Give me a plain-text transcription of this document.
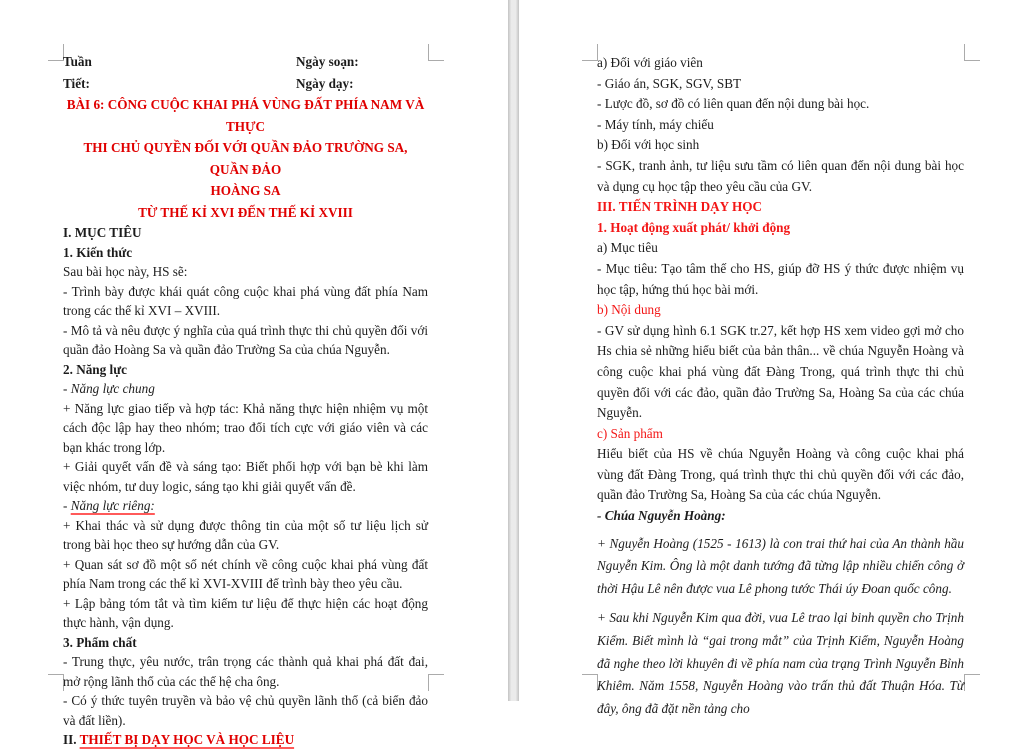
Tuần	Ngày soạn:
Tiết:	Ngày dạy:
BÀI 6: CÔNG CUỘC KHAI PHÁ VÙNG ĐẤT PHÍA NAM VÀ THỰC
THI CHỦ QUYỀN ĐỐI VỚI QUẦN ĐẢO TRƯỜNG SA, QUẦN ĐẢO
HOÀNG SA
TỪ THẾ KỈ XVI ĐẾN THẾ KỈ XVIII

I. MỤC TIÊU

1. Kiến thức

Sau bài học này, HS sẽ:

- Trình bày được khái quát công cuộc khai phá vùng đất phía Nam trong các thế kỉ XVI – XVIII.

- Mô tả và nêu được ý nghĩa của quá trình thực thi chủ quyền đối với quần đảo Hoàng Sa và quần đảo Trường Sa của chúa Nguyễn.

2. Năng lực

- Năng lực chung

+ Năng lực giao tiếp và hợp tác: Khả năng thực hiện nhiệm vụ một cách độc lập hay theo nhóm; trao đổi tích cực với giáo viên và các bạn khác trong lớp.

+ Giải quyết vấn đề và sáng tạo: Biết phối hợp với bạn bè khi làm việc nhóm, tư duy logic, sáng tạo khi giải quyết vấn đề.

- Năng lực riêng:

+ Khai thác và sử dụng được thông tin của một số tư liệu lịch sử trong bài học theo sự hướng dẫn của GV.

+ Quan sát sơ đồ một số nét chính về công cuộc khai phá vùng đất phía Nam trong các thế kỉ XVI-XVIII để trình bày theo yêu cầu.

+ Lập bảng tóm tắt và tìm kiếm tư liệu để thực hiện các hoạt động thực hành, vận dụng.

3. Phẩm chất

- Trung thực, yêu nước, trân trọng các thành quả khai phá đất đai, mở rộng lãnh thổ của các thế hệ cha ông.

- Có ý thức tuyên truyền và bảo vệ chủ quyền lãnh thổ (cả biển đảo và đất liền).

II. THIẾT BỊ DẠY HỌC VÀ HỌC LIỆU

a) Đối với giáo viên

- Giáo án, SGK, SGV, SBT

- Lược đồ, sơ đồ có liên quan đến nội dung bài học.

- Máy tính, máy chiếu

b) Đối với học sinh

- SGK, tranh ảnh, tư liệu sưu tầm có liên quan đến nội dung bài học và dụng cụ học tập theo yêu cầu của GV.

III. TIẾN TRÌNH DẠY HỌC

1. Hoạt động xuất phát/ khởi động

a) Mục tiêu

- Mục tiêu: Tạo tâm thế cho HS, giúp đỡ HS ý thức được nhiệm vụ học tập, hứng thú học bài mới.

b) Nội dung

- GV sử dụng hình 6.1 SGK tr.27, kết hợp HS xem video gợi mở cho Hs chia sẻ những hiểu biết của bản thân... về chúa Nguyễn Hoàng và công cuộc khai phá vùng đất Đàng Trong, quá trình thực thi chủ quyền đối với các đảo, quần đảo Trường Sa, Hoàng Sa của các chúa Nguyễn.

c) Sản phẩm

Hiểu biết của HS về chúa Nguyễn Hoàng và công cuộc khai phá vùng đất Đàng Trong, quá trình thực thi chủ quyền đối với các đảo, quần đảo Trường Sa, Hoàng Sa của các chúa Nguyễn.

- Chúa Nguyễn Hoàng:

+ Nguyễn Hoàng (1525 - 1613) là con trai thứ hai của An thành hầu Nguyễn Kim. Ông là một danh tướng đã từng lập nhiều chiến công ở thời Hậu Lê nên được vua Lê phong tước Thái úy Đoan quốc công.

+ Sau khi Nguyễn Kim qua đời, vua Lê trao lại binh quyền cho Trịnh Kiểm. Biết mình là “gai trong mắt” của Trịnh Kiểm, Nguyễn Hoàng đã nghe theo lời khuyên đi về phía nam của trạng Trình Nguyễn Bỉnh Khiêm. Năm 1558, Nguyễn Hoàng vào trấn thủ đất Thuận Hóa. Từ đây, ông đã đặt nền tảng cho
